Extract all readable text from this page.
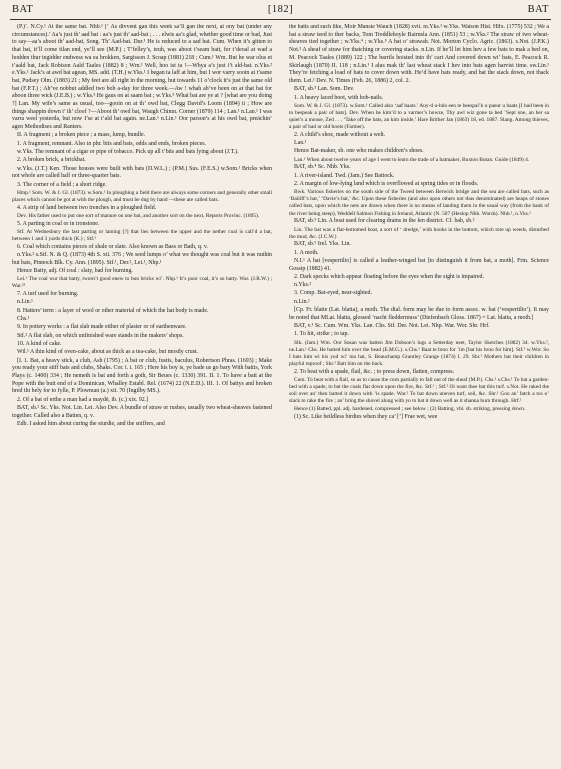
BAT	[182]	BAT

(P.)’. N.Cy.¹ At the same bat. Nhb.¹ [‘ As divvent gan this week sa’ll gan the next, at ony bat (under any circumstances).’ Aa’s just th’ aad bat : aa’s just th’ aad-bat ; . . . elwis aa’s glad, whether good time or bad, Just to say—aa’s aboot th’ aad-bat, Song. Th’ Aad-bat. Dur.¹ He is reduced to a sad bat. Cum. When it’s gitten to that bat, it’ll come tilan end, ye’ll see (M.P.) ; T’felley’s, teuh, was aboot t’seam batt, fer t’deoal at wad a hodden thur tegidder endwess wa ea brokken, Sargisson J. Scoap (1881) 218 ; Cum.¹ Wm. But he war olus et t’aald bat, Jack Robison Aald Taales (1882) 8 ; Wm.¹ Well, hoo ist ta !—Whya a’s just i’t ald-bat. n.Yks.² e.Yks.¹ Jack’s at awd bat agean, MS. add. (T.H.) w.Yks.¹ I began ta laff at him, but I wor varry sooin at t’same bat, Pudsey Olm. (1883) 21 ; My feet are all right in the morning, but towards 11 o’clock it’s just the same old bat (F.P.T.) ; Ah’ve nobbut addled two bob a-day for three week.—Aw ! whah ah’ve been on at that bat for aboon three wick (J.E.B.) ; w.Yks.³ He gaus on at saam bat ; w.Yks.⁵ What bat are ye at ? [what are you doing ?] Lan. My wife’s same as usual, too—gooin on at th’ owd bat, Clegg David’s Loom (1894) ii ; How are things shappin down i’ th’ cloof ?—Aboot th’ owd bat, Waugh Chimn. Corner (1879) 114 ; Lan.¹ n.Lan.¹ I was varra weel yesterda, but now I’se at t’ald bat again. ne.Lan.¹ n.Lin.¹ Oor parson’s at his owd bat, preächin’ agen Methodises and Ranters.

II. A fragment ; a broken piece ; a mass, lump, bundle.

1. A fragment, remnant. Also in phr. bits and bats, odds and ends, broken pieces.

w.Yks. The remnant of a cigar or pipe of tobacco. Pick up all t’bits and bats lying about (J.T.).

2. A broken brick, a brickbat.

w.Yks. (J.T.) Ken. Those houses were built with bats (D.W.L.) ; (P.M.) Sus. (F.E.S.) w.Som.¹ Bricks when not whole are called half or three-quarter bats.

3. The corner of a field ; a short ridge.

Hmp.¹ Som. W. & J. Gl. (1873). w.Som.¹ In ploughing a field there are always some corners and generally other small places which cannot be got at with the plough, and must be dug by hand —these are called bats.

4. A strip of land between two trenches in a ploughed field.

Dev. His father used to put one sort of manure on one bat, and another sort on the next, Reports Provinc. (1895).

5. A parting in coal or in ironstone.

Stf. At Wednesbury the last parting or laming [?] that lies between the upper and the nether coal is call’d a bat, between 1 and 3 yards thick (K.) ; Stf.²

6. Coal which contains pieces of shale or slate. Also known as Bass or Bath, q. v.

n.Yks.² s.Stf. N. & Q. (1873) 4th S. xii. 376 ; We seed lumps o’ what we thought was coal but it was nuthin but bats, Pinnock Blk. Cy. Ann. (1895). Stf.¹, Der.², Lei.¹, Nhp.¹

Hence Batty, adj. Of coal : slaty, bad for burning.

Lei.¹ The coal wur that batty, tworn’t good enew to bun bricks wi’. Nhp.¹ It’s poor coal, it’s so batty. War. (J.R.W.) ; War.²³

7. A turf used for burning.

n.Lin.¹

8. Hatters’ term : a layer of wool or other material of which the hat body is made.

Chs.¹

9. In pottery works : a flat slab made either of plaster or of earthenware.

Stf.² A flat slab, on which unfinished ware stands in the makers’ shops.

10. A kind of cake.

Wil.¹ A thin kind of oven-cake, about as thick as a tea-cake, but mostly crust.

[I. 1. Bat, a heavy stick, a club, Ash (1795) ; A bat or club, fustis, baculus, Robertson Phras. (1693) ; Make you ready your stiff bats and clubs, Shaks. Cor. i. i. 165 ; Here his boy is, ye bade us go bary With battis, York Plays (c. 1400) 334 ; He nemeth is bat and forth a goth, Sir Beues (c. 1330) 391. II. 1. To have a batt at the Pope with the butt end of a Dominican, Whalley Establ. Rel. (1674) 22 (N.E.D.). III. 1. Of battys and broken bred thi bely for to fylle, P. Plowman (a.) xii. 70 (Ingilby MS.).

2. Of a bat of erthe a man had a maydē, ib. (c.) xix. 92.]

BAT, sb.² Sc. Yks. Not. Lin. Lei. Also Dev. A bundle of straw or rushes, usually two wheat-sheaves fastened together. Called also a Batten, q. v.

Edb. I asked him about curing the sturdie, and the sniffers, and

the batts and such like, Moir Mansie Wauch (1828) xvii. m.Yks.¹ w.Yks. Watson Hist. Hlfx. (1775) 532 ; We a bat a straw teed to ther backs, Tom Treddlehoyle Bairnsla Ann. (1851) 53 ; w.Yks.² The straw of two wheat-sheaves tied together ; w.Yks.⁴ ; w.Yks.⁵ A bat o’ strawah. Not. Morton Cyclo. Agric. (1863). s.Not. (J.P.K.) Not.³ A sheaf of straw for thatching or covering stacks. n.Lin. If he’ll let him hev a few bats to mak a bed on, M. Peacock Taales (1889) 122 ; The barrils hoisted into th’ cart And covered down wi’ bats, E. Peacock R. Skirlaugh (1870) II. 118 ; n.Lin.¹ I alus mak th’ last wheat stack I hev into bats agen harvist time. sw.Lin.¹ They’re fetching a load of bats to cover down with. He’d have bats ready, and bat the stack down, not thack them. Lei.¹ Dev. N. Times (Feb. 26, 1886) 2, col. 2.

BAT, sb.³ Lan. Som. Dev.

1. A heavy laced boot, with hob-nails.

Som. W. & J. Gl. (1873). w.Som.¹ Called also ‘aaf baats.’ Auy-d u-bún een te beespai’k u paeur u baats [I had been in to bespeak a pair of bats]. Dev. When he kim’d to a varmer’s howze, Thy awl wiz gone ta bed ’Sept one, an her sa quiet’s a mouse, Zed . . . ‘Take off the bats, an kim inside,’ Hare Brither Jan (1863) 18, ed. 1887. Slang. Among thieves, a pair of bad or old boots (Farmer).

2. A child’s shoe, made without a welt.

Lan.¹

Hence Bat-maker, sb. one who makes children’s shoes.

Lan.¹ When about twelve years of age I went to learn the trade of a batmaker, Buxton Botan. Guide (1849) 4.

BAT, sb.⁴ Sc. Nhb. Yks.

1. A river-island. Twd. (Jam.) See Battock.

2. A margin of low-lying land which is overflowed at spring tides or in floods.

Bwk. Various fisheries on the south side of the Tweed between Berwick bridge and the sea are called bats, such as ‘Bailiff’s bat,’ ‘Davie’s bat,’ &c. Upon these fisheries (and also upon others not thus denominated) are heaps of stones called bats, upon which the nets are drawn when there is no means of landing them in the usual way (from the bank of the river being steep), Weddell Salmon Fishing in Ireland, Atlantic (N. 507 (Heslop Nhb. Words). Nhb.¹, n.Yks.²

BAT, sb.⁵ Lin. A boat used for clearing drains in the fen district. Cf. bab, sb.²

Lin. The bat was a flat-bottomed boat, a sort of ‘ dredge,’ with hooks in the bottom, which tore up weeds, disturbed the mud, &c. (J.C.W.)

BAT, sb.⁶ Irel. Yks. Lin.

1. A moth.

N.I.¹ A bat [vespertilio] is called a leather-winged bat [to distinguish it from bat, a moth]. Frm. Science Gossip (1882) 41.

2. Dark specks which appear floating before the eyes when the sight is impaired.

n.Yks.²

3. Comp. Bat-eyed, near-sighted.

n.Lin.¹

[Cp. Fr. blatte (Lat. blatta), a moth. The dial. form may be due to form assoc. w. bat (‘vespertilio’). It may be noted that MLat. blatta, glossed ‘nacht fleddermuss’ (Diefenbach Gloss. 1867) = Lat. blatta, a moth.]

BAT, v.¹ Sc. Cum. Wm. Yks. Lan. Chs. Stf. Der. Not. Lei. Nhp. War. Wor. Shr. Hrf.

1. To hit, strike ; to tap.

Slk. (Jam.) Wm. Oor Susan was batten Jim Dobson’s lugs a Setterday neet, Taylor Sketches (1882) 34. w.Yks.², ne.Lan.¹ Chs. He batted him over the head (E.M.G.). s.Chs.¹ Baat te broo for ’im [bat his broo for him]. Stf.¹ w.Wor. So I bats him wi his yud wi’ ma hat, S. Beauchamp Grantley Grange (1874) I. 29. Shr.¹ Mothers bat their children in playful reproof ; Shr.² Batt him on the back.

2. To beat with a spade, flail, &c. ; to press down, flatten, compress.

Cum. To beat with a flail, so as to cause the corn partially to fall out of the sheaf (M.P.). Chs.¹ s.Chs.¹ To bat a garden-bed with a spade, to bat the coals flat down upon the fire, &c. Stf.¹ ; Stf.² Oi want thee bat this turf. s.Not. He raked the soil over an’ then batted it down with ’is spade. War.² To bat down uneven turf, soil, &c. Shr.¹ Goo an’ fatch a tos o’ slack to rake the fire ; an’ bring the shovel alung with yo to bat it down well as it shanna burn through. Hrf.¹

Hence (1) Batted, ppl. adj. hardened, compressed ; see below ; (2) Batting, vbl. sb. striking, pressing down.

(1) Sc. Like beildless birdies when they ca’ [’] Frae wet, wee
